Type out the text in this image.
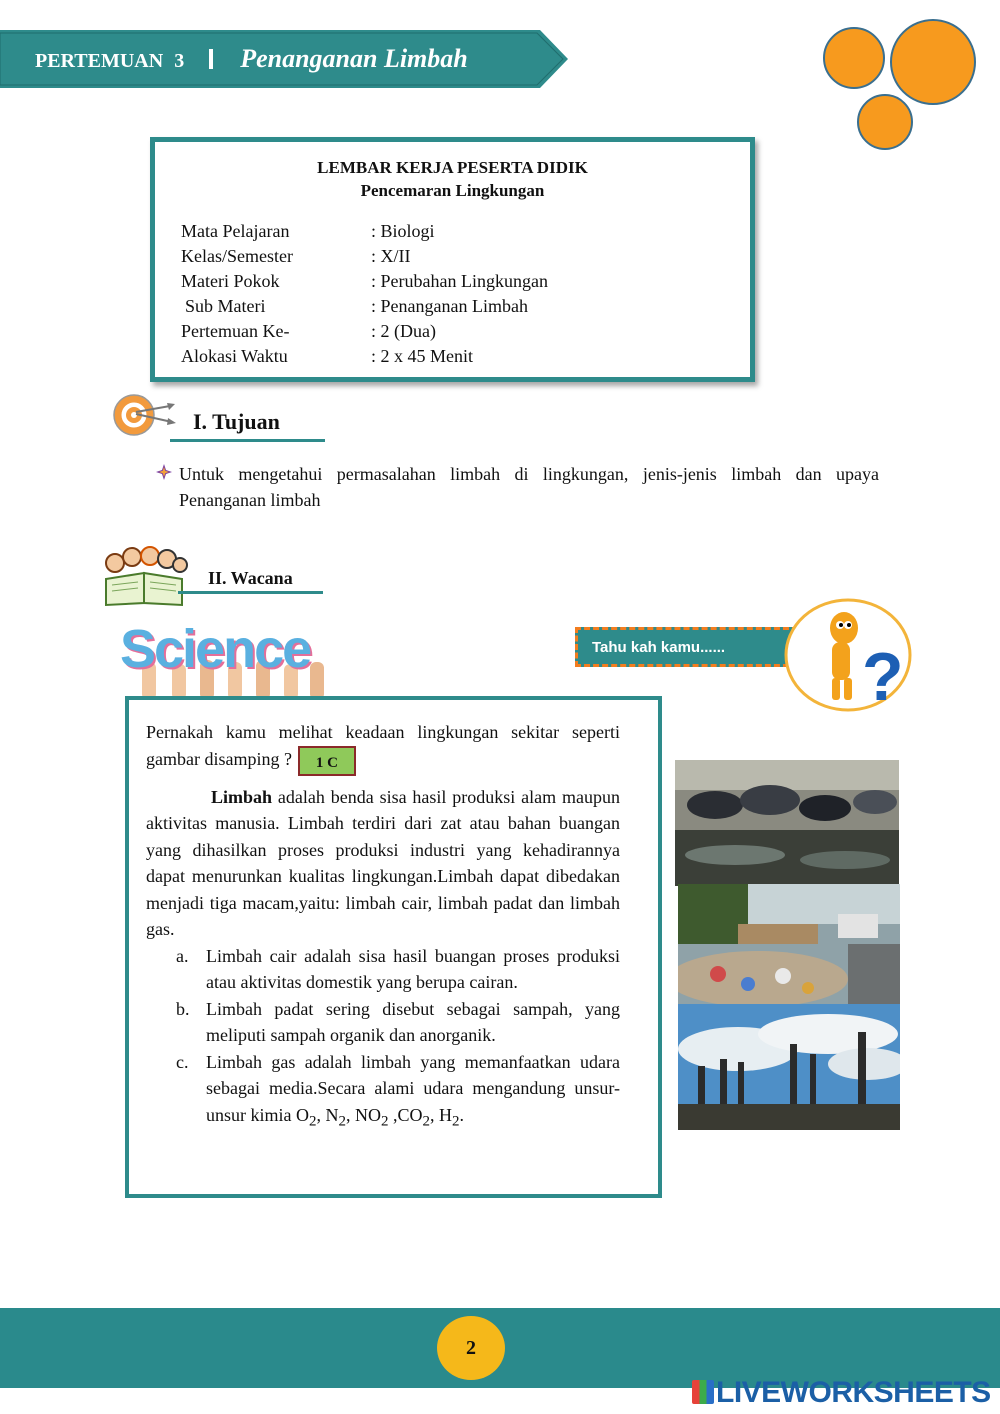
PERTEMUAN 3 Penanganan Limbah
LEMBAR KERJA PESERTA DIDIK
Pencemaran Lingkungan
Mata Pelajaran	: Biologi
Kelas/Semester	: X/II
Materi Pokok	: Perubahan Lingkungan
Sub Materi	: Penanganan Limbah
Pertemuan Ke-	: 2 (Dua)
Alokasi Waktu	: 2 x 45 Menit
I. Tujuan
Untuk mengetahui permasalahan limbah di lingkungan, jenis-jenis limbah dan upaya Penanganan limbah
II. Wacana
Science	Tahu kah kamu......	?

Pernakah kamu melihat keadaan lingkungan sekitar seperti gambar disamping ? 1 C

Limbah adalah benda sisa hasil produksi alam maupun aktivitas manusia. Limbah terdiri dari zat atau bahan buangan yang dihasilkan proses produksi industri yang kehadirannya dapat menurunkan kualitas lingkungan.Limbah dapat dibedakan menjadi tiga macam,yaitu: limbah cair, limbah padat dan limbah gas.

a. Limbah cair adalah sisa hasil buangan proses produksi atau aktivitas domestik yang berupa cairan.
b. Limbah padat sering disebut sebagai sampah, yang meliputi sampah organik dan anorganik.
c. Limbah gas adalah limbah yang memanfaatkan udara sebagai media.Secara alami udara mengandung unsur-unsur kimia $O_2$, $N_2$, $NO_2$ $,CO_2$, $H_2$.
2
LIVEWORKSHEETS
